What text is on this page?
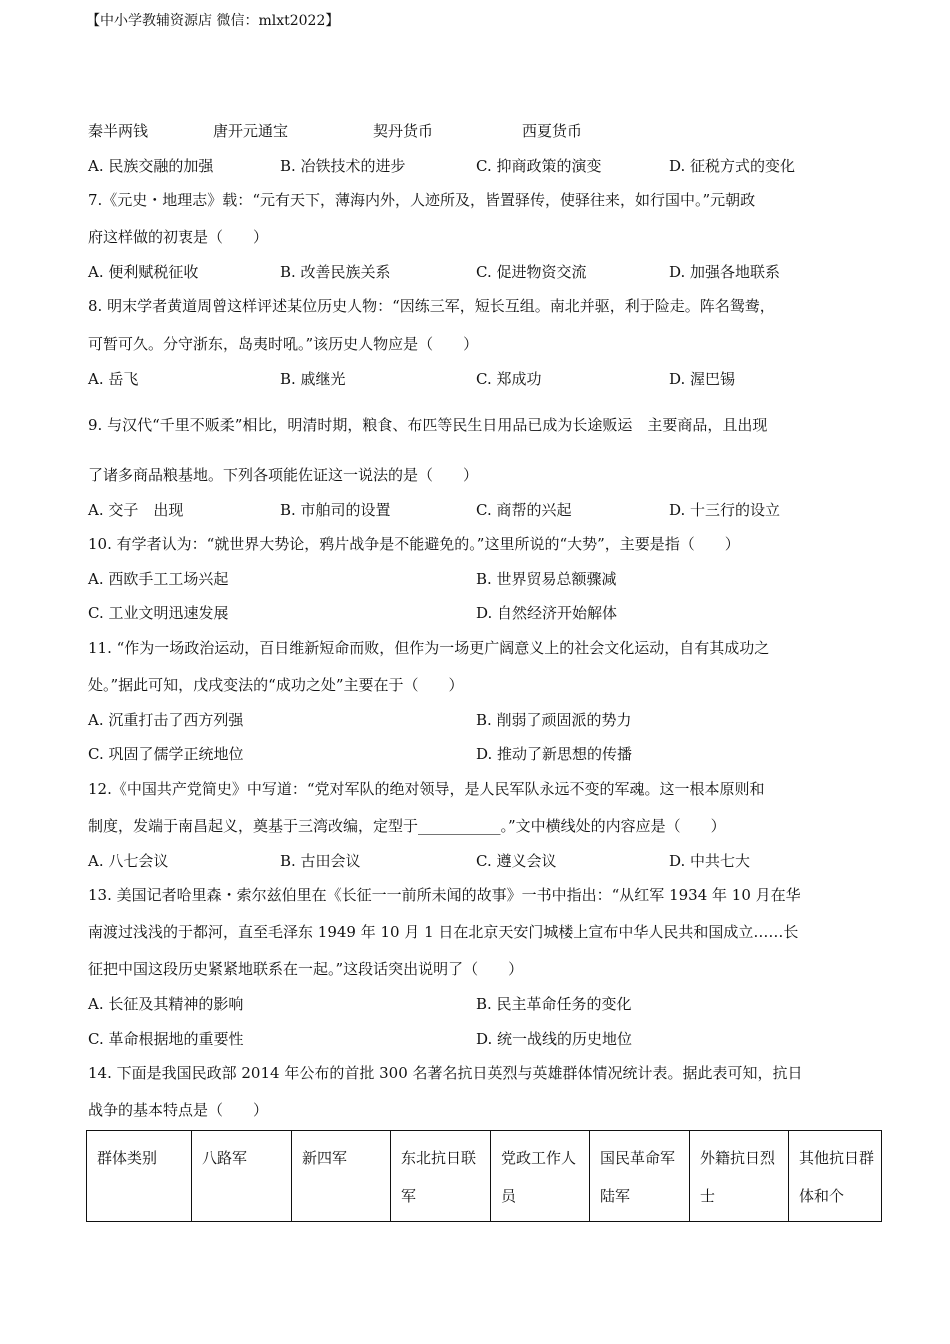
【中小学教辅资源店 微信：mlxt2022】
秦半两钱	唐开元通宝	契丹货币	西夏货币
A. 民族交融的加强	B. 冶铁技术的进步	C. 抑商政策的演变	D. 征税方式的变化
7.《元史・地理志》载：“元有天下，薄海内外，人迹所及，皆置驿传，使驿往来，如行国中。”元朝政
府这样做的初衷是（　　）
A. 便利赋税征收	B. 改善民族关系	C. 促进物资交流	D. 加强各地联系
8. 明末学者黄道周曾这样评述某位历史人物：“因练三军，短长互组。南北并驱，利于险走。阵名鸳鸯，
可暂可久。分守浙东，岛夷时吼。”该历史人物应是（　　）
A. 岳飞	B. 戚继光	C. 郑成功	D. 渥巴锡
9. 与汉代“千里不贩柔”相比，明清时期，粮食、布匹等民生日用品已成为长途贩运　主要商品，且出现
了诸多商品粮基地。下列各项能佐证这一说法的是（　　）
A. 交子　出现	B. 市舶司的设置	C. 商帮的兴起	D. 十三行的设立
10. 有学者认为：“就世界大势论，鸦片战争是不能避免的。”这里所说的“大势”，主要是指（　　）
A. 西欧手工工场兴起	B. 世界贸易总额骤减
C. 工业文明迅速发展	D. 自然经济开始解体
11. “作为一场政治运动，百日维新短命而败，但作为一场更广阔意义上的社会文化运动，自有其成功之
处。”据此可知，戊戌变法的“成功之处”主要在于（　　）
A. 沉重打击了西方列强	B. 削弱了顽固派的势力
C. 巩固了儒学正统地位	D. 推动了新思想的传播
12.《中国共产党简史》中写道：“党对军队的绝对领导，是人民军队永远不变的军魂。这一根本原则和
制度，发端于南昌起义，奠基于三湾改编，定型于___________。”文中横线处的内容应是（　　）
A. 八七会议	B. 古田会议	C. 遵义会议	D. 中共七大
13. 美国记者哈里森・索尔兹伯里在《长征一一前所未闻的故事》一书中指出：“从红军 1934 年 10 月在华
南渡过浅浅的于都河，直至毛泽东 1949 年 10 月 1 日在北京天安门城楼上宣布中华人民共和国成立……长
征把中国这段历史紧紧地联系在一起。”这段话突出说明了（　　）
A. 长征及其精神的影响	B. 民主革命任务的变化
C. 革命根据地的重要性	D. 统一战线的历史地位
14. 下面是我国民政部 2014 年公布的首批 300 名著名抗日英烈与英雄群体情况统计表。据此表可知，抗日
战争的基本特点是（　　）
群体类别	八路军	新四军	东北抗日联军	党政工作人员	国民革命军陆军	外籍抗日烈士	其他抗日群体和个
